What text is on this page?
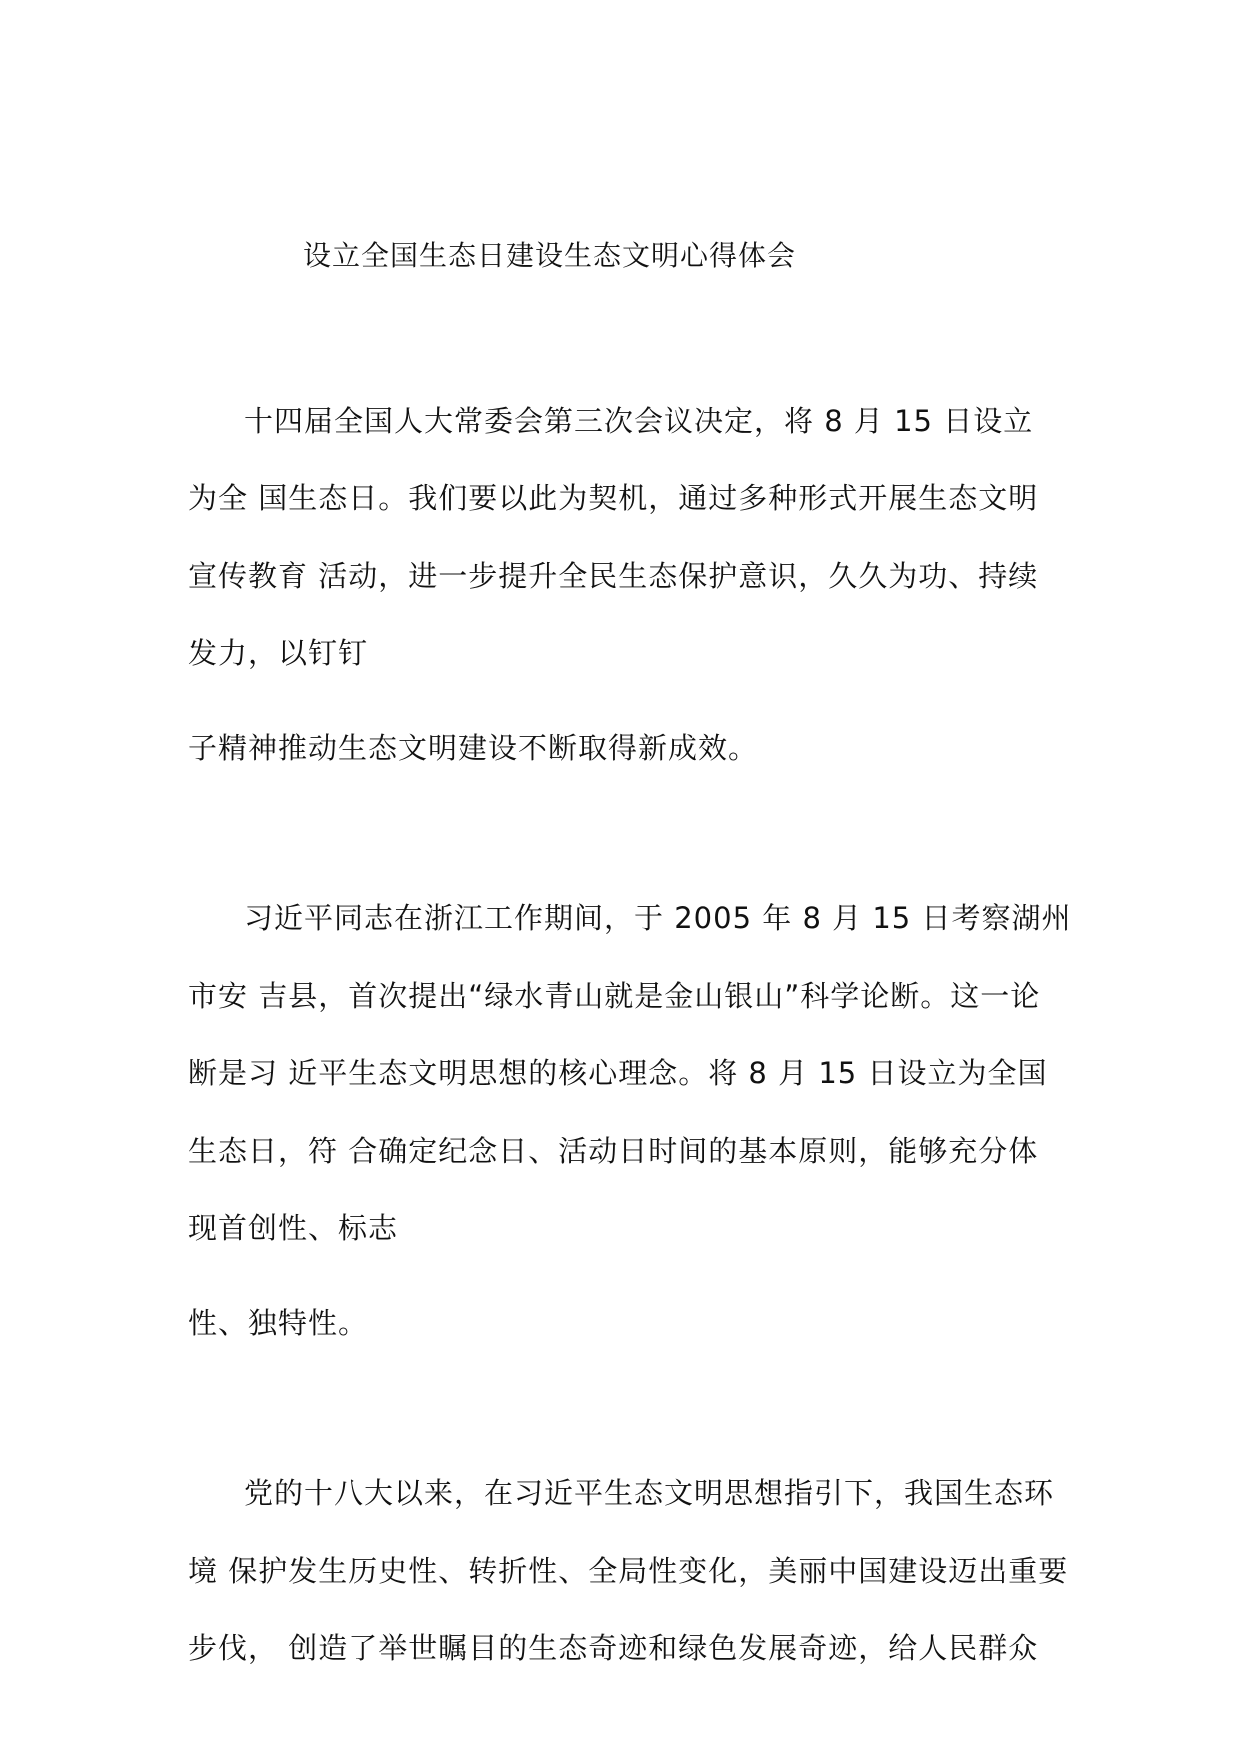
设立全国生态日建设生态文明心得体会
十四届全国人大常委会第三次会议决定，将 8 月 15 日设立
为全 国生态日。我们要以此为契机，通过多种形式开展生态文明
宣传教育 活动，进一步提升全民生态保护意识，久久为功、持续
发力，以钉钉
子精神推动生态文明建设不断取得新成效。
习近平同志在浙江工作期间，于 2005 年 8 月 15 日考察湖州
市安 吉县，首次提出“绿水青山就是金山银山”科学论断。这一论
断是习 近平生态文明思想的核心理念。将 8 月 15 日设立为全国
生态日，符 合确定纪念日、活动日时间的基本原则，能够充分体
现首创性、标志
性、独特性。
党的十八大以来，在习近平生态文明思想指引下，我国生态环
境 保护发生历史性、转折性、全局性变化，美丽中国建设迈出重要
步伐， 创造了举世瞩目的生态奇迹和绿色发展奇迹，给人民群众
